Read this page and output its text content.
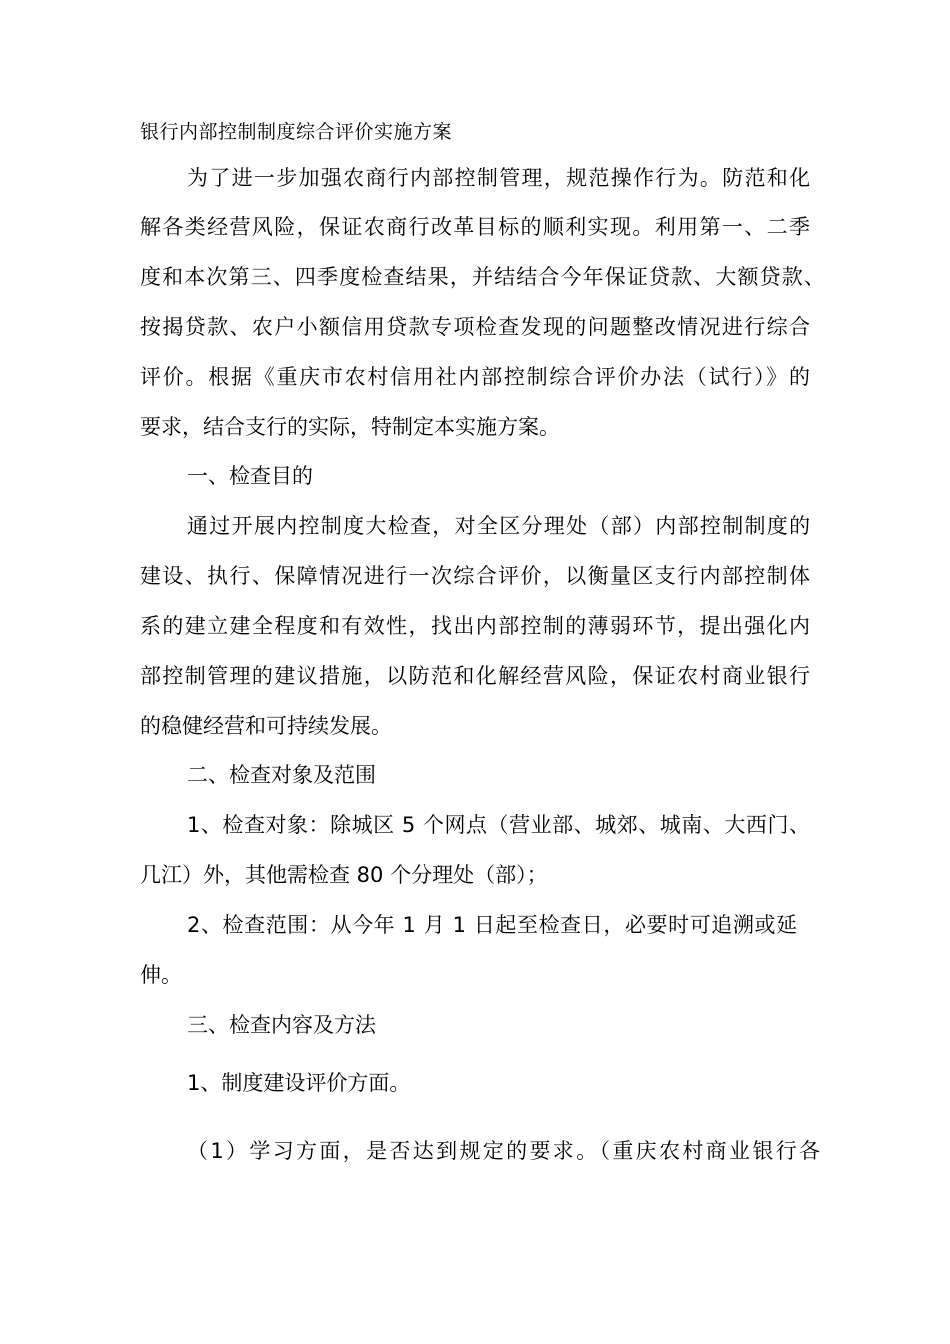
银行内部控制制度综合评价实施方案
为了进一步加强农商行内部控制管理，规范操作行为。防范和化
解各类经营风险，保证农商行改革目标的顺利实现。利用第一、二季
度和本次第三、四季度检查结果，并结结合今年保证贷款、大额贷款、
按揭贷款、农户小额信用贷款专项检查发现的问题整改情况进行综合
评价。根据《重庆市农村信用社内部控制综合评价办法（试行）》的
要求，结合支行的实际，特制定本实施方案。
一、检查目的
通过开展内控制度大检查，对全区分理处（部）内部控制制度的
建设、执行、保障情况进行一次综合评价，以衡量区支行内部控制体
系的建立建全程度和有效性，找出内部控制的薄弱环节，提出强化内
部控制管理的建议措施，以防范和化解经营风险，保证农村商业银行
的稳健经营和可持续发展。
二、检查对象及范围
1、检查对象：除城区 5 个网点（营业部、城郊、城南、大西门、
几江）外，其他需检查 80 个分理处（部）；
2、检查范围：从今年 1 月 1 日起至检查日，必要时可追溯或延
伸。
三、检查内容及方法
1、制度建设评价方面。
（1）学习方面，是否达到规定的要求。（重庆农村商业银行各
